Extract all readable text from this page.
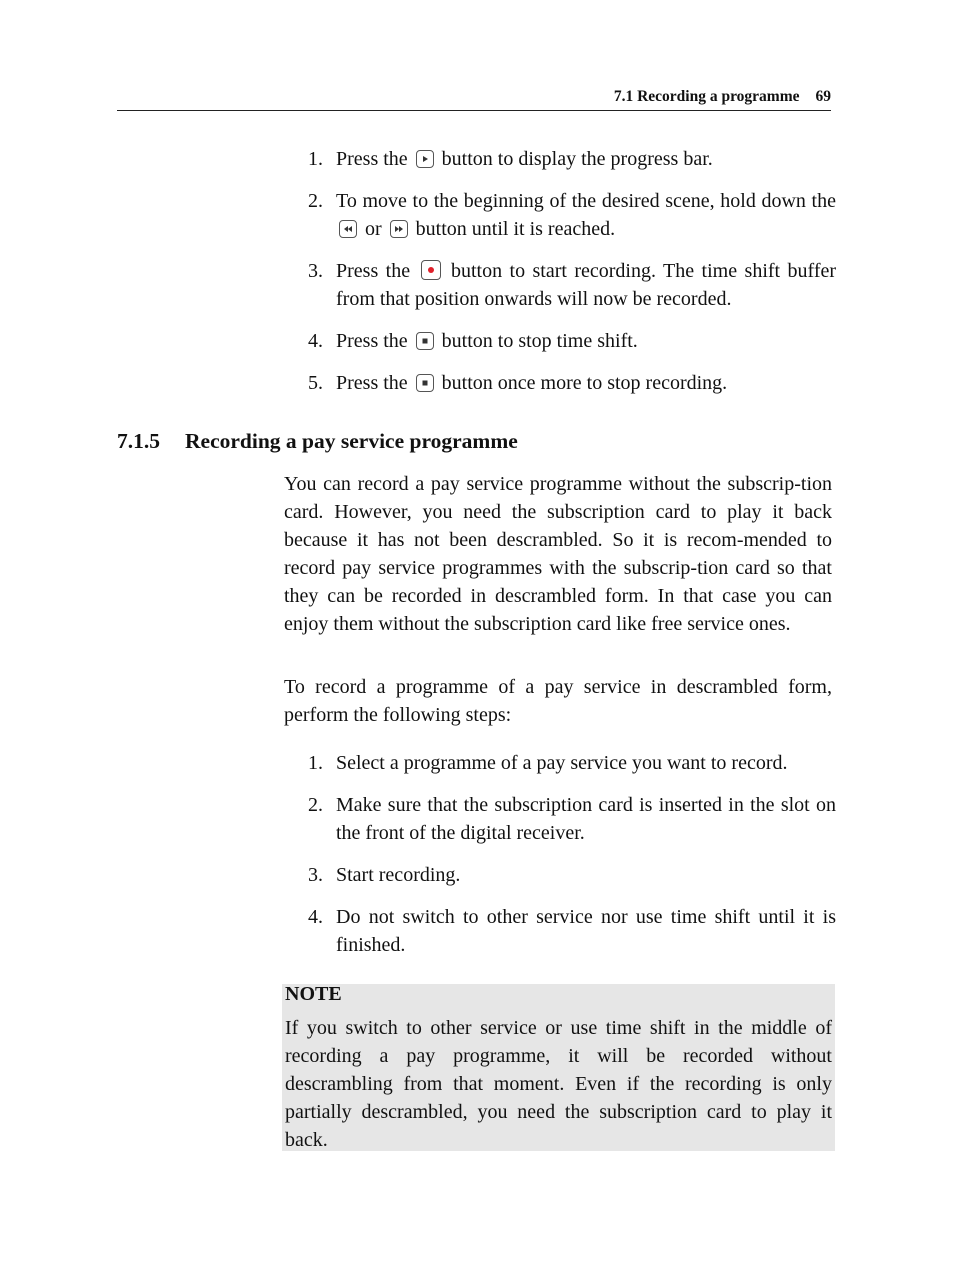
7.1 Recording a programme 69
1. Press the button to display the progress bar.
2. To move to the beginning of the desired scene, hold down the
or button until it is reached.
3. Press the button to start recording. The time shift buffer from that position onwards will now be recorded.
4. Press the button to stop time shift.
5. Press the button once more to stop recording.
7.1.5 Recording a pay service programme
You can record a pay service programme without the subscrip-tion card. However, you need the subscription card to play it back because it has not been descrambled. So it is recom-mended to record pay service programmes with the subscrip-tion card so that they can be recorded in descrambled form. In that case you can enjoy them without the subscription card like free service ones.
To record a programme of a pay service in descrambled form, perform the following steps:
1. Select a programme of a pay service you want to record.
2. Make sure that the subscription card is inserted in the slot on the front of the digital receiver.
3. Start recording.
4. Do not switch to other service nor use time shift until it is finished.
NOTE
If you switch to other service or use time shift in the middle of recording a pay programme, it will be recorded without descrambling from that moment. Even if the recording is only partially descrambled, you need the subscription card to play it back.
